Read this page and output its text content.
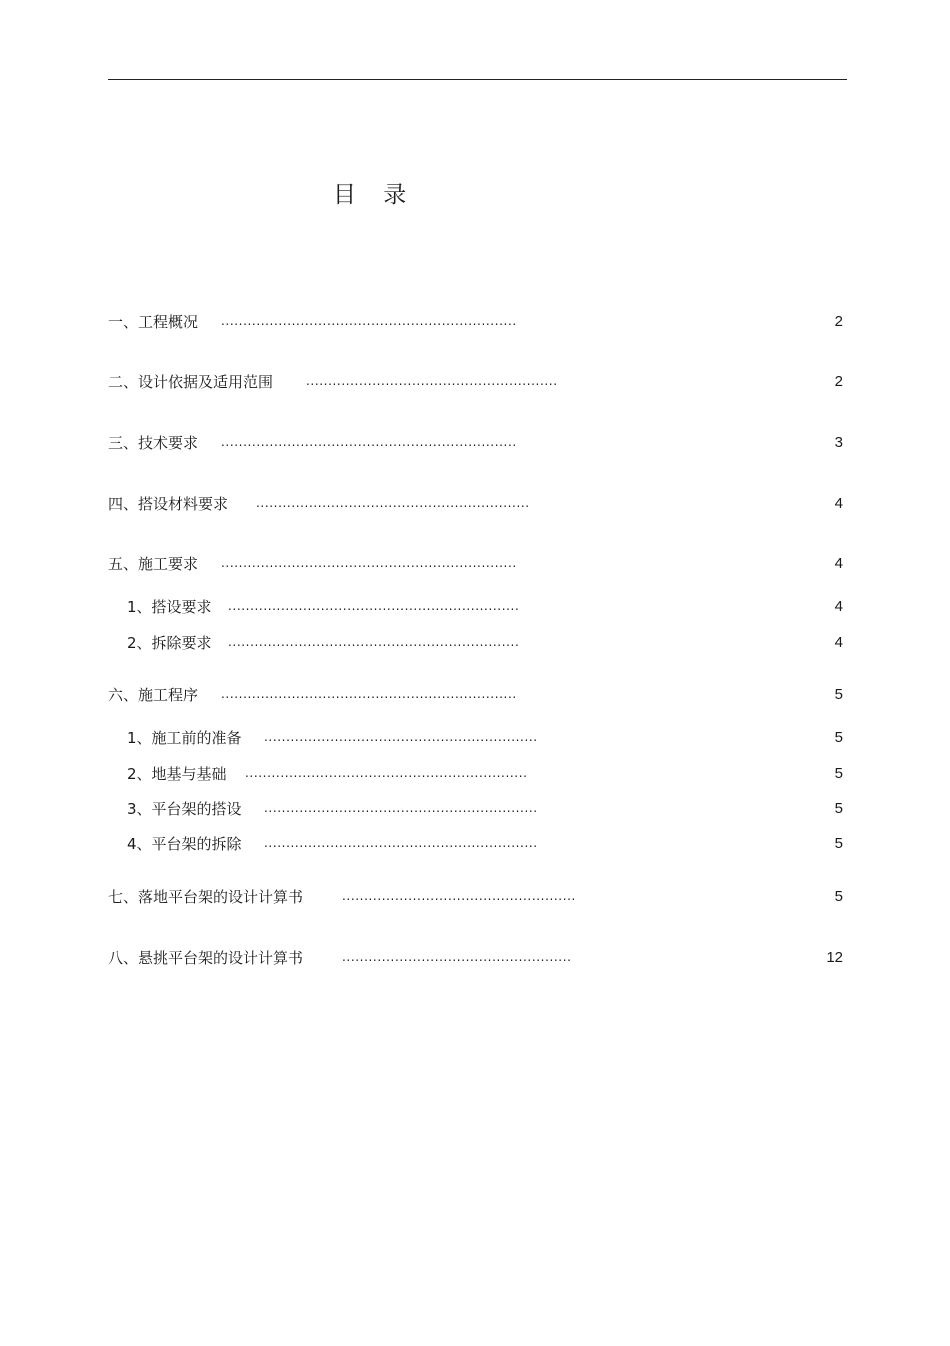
目 录
一、工程概况 ...................................................................	2
二、设计依据及适用范围	.........................................................	2
三、技术要求 ...................................................................	3
四、搭设材料要求 ..............................................................	4
五、施工要求 ...................................................................	4
1、搭设要求 ..................................................................	4
2、拆除要求 ..................................................................	4
六、施工程序 ...................................................................	5
1、施工前的准备 ..............................................................	5
2、地基与基础 ................................................................	5
3、平台架的搭设 ..............................................................	5
4、平台架的拆除 ..............................................................	5
七、落地平台架的设计计算书	.....................................................	5
八、悬挑平台架的设计计算书	....................................................	12
